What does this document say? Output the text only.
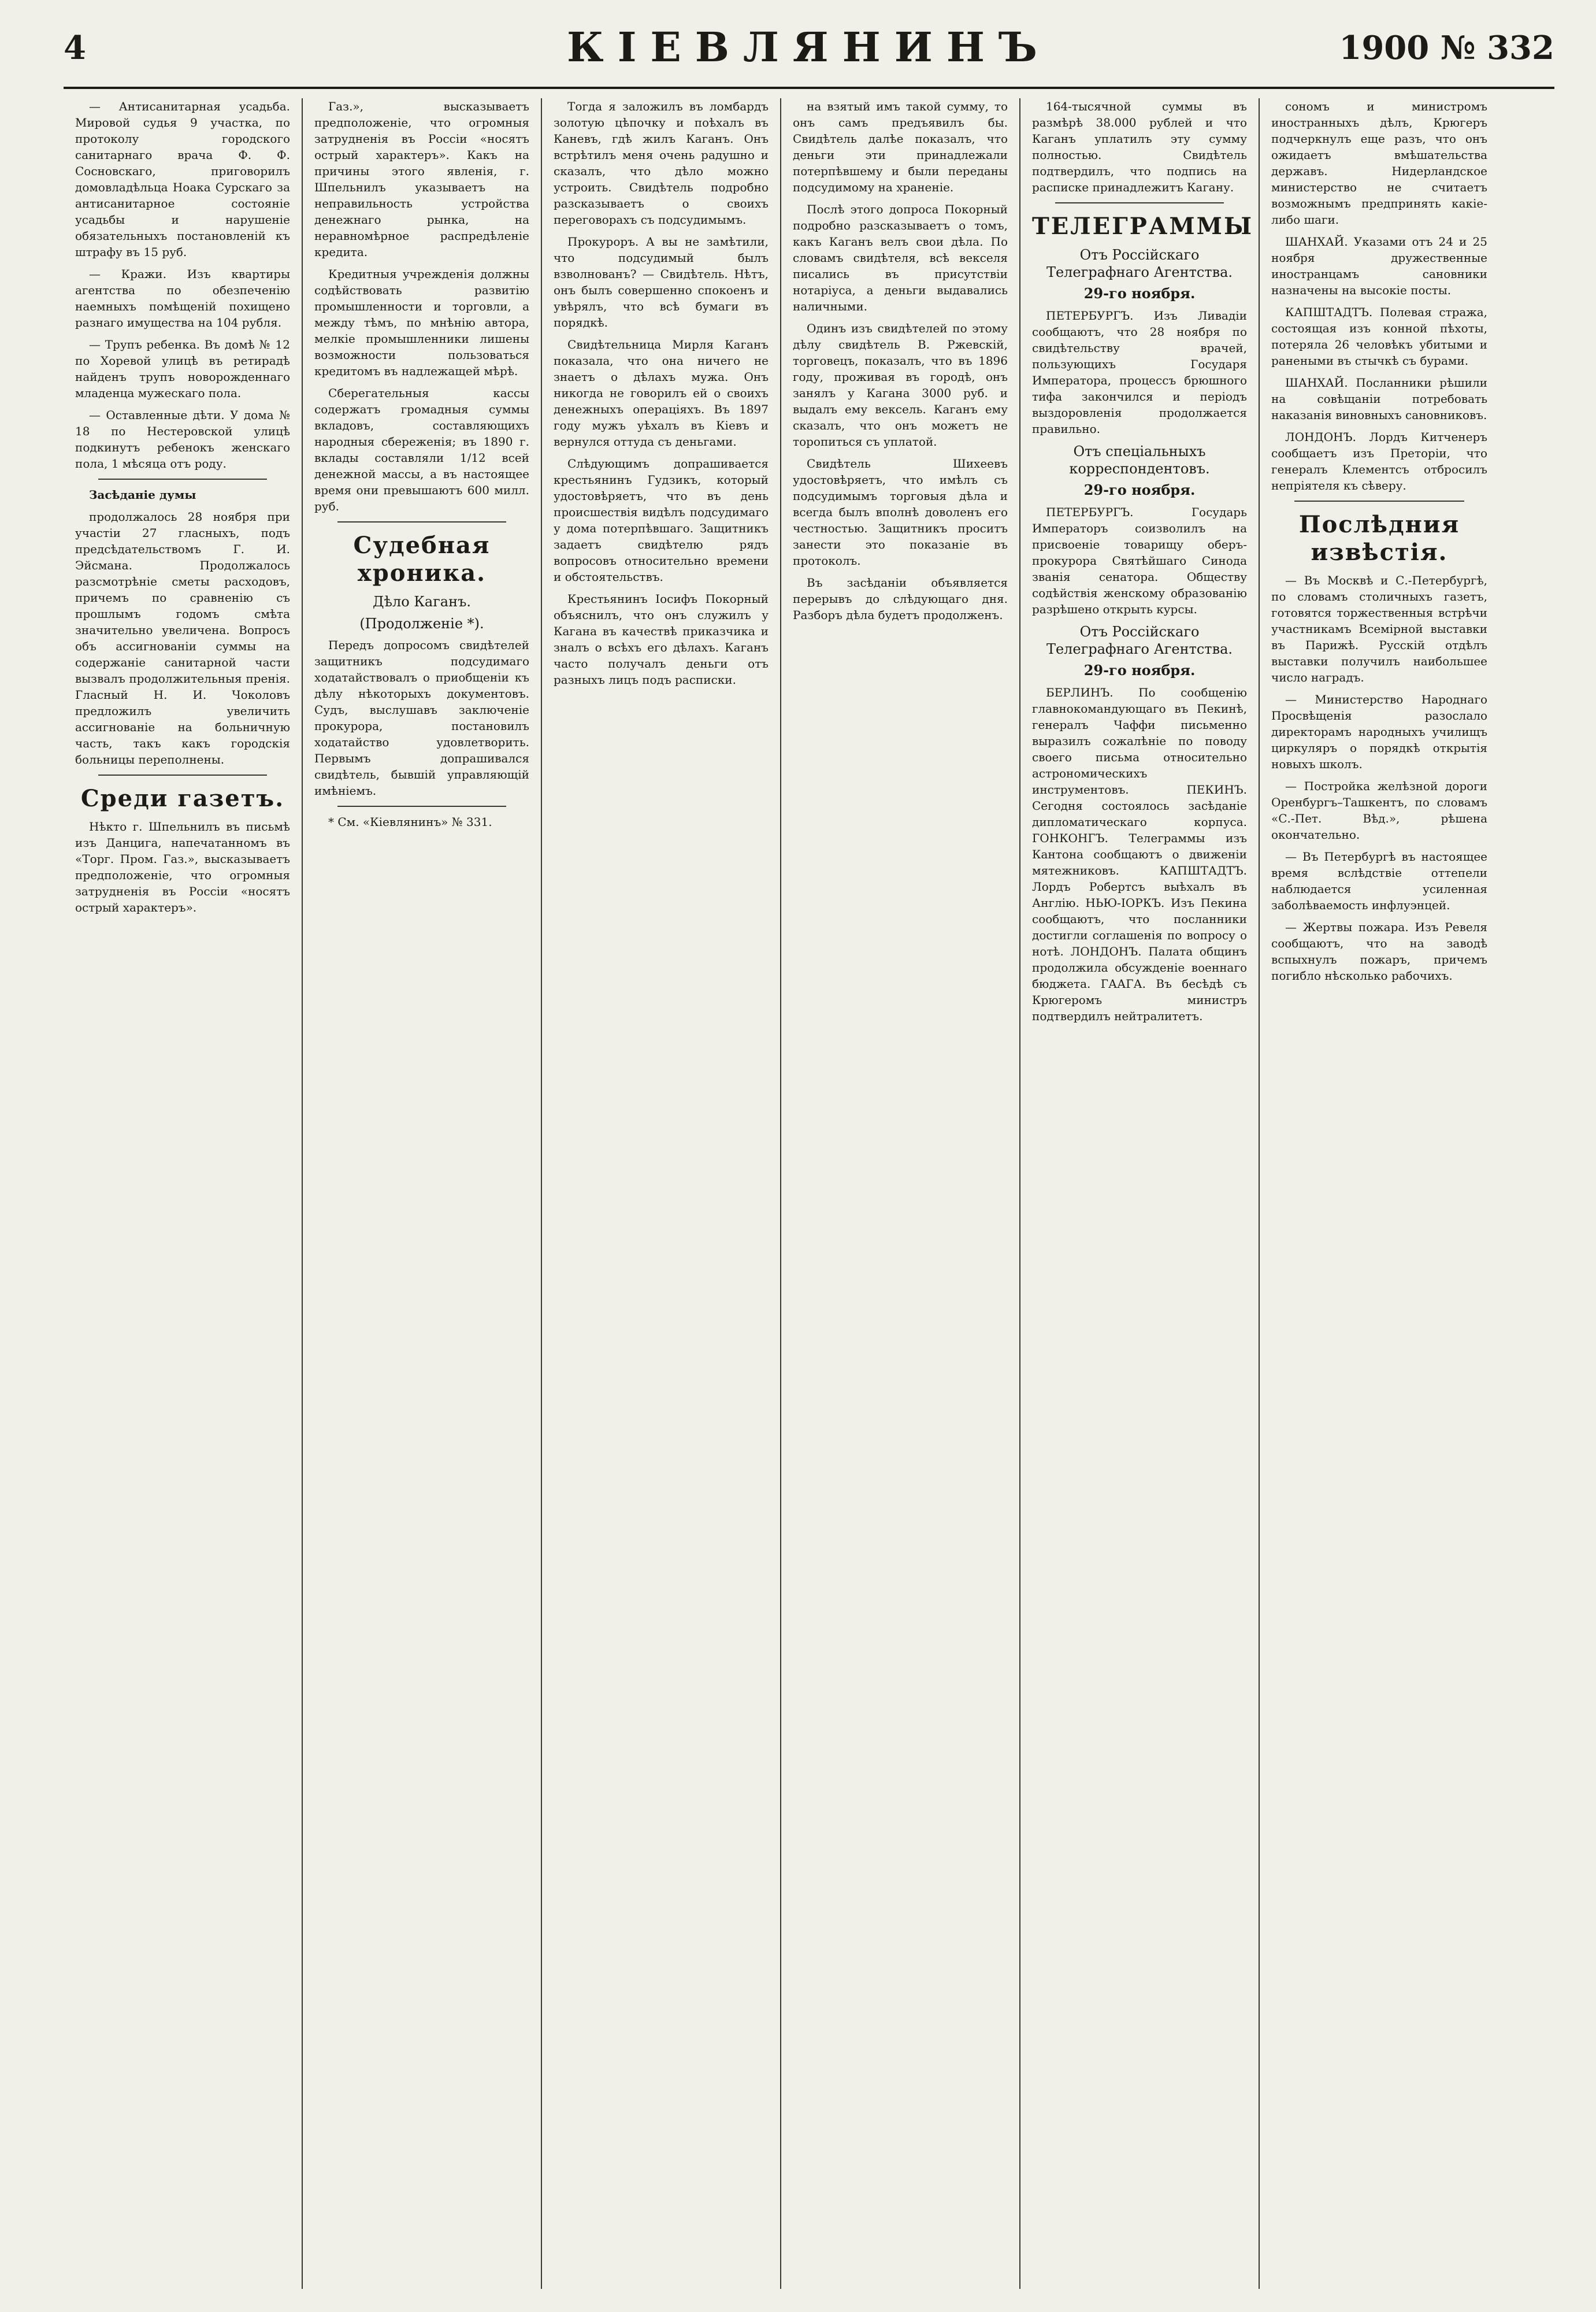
4	КІЕВЛЯНИНЪ	1900 № 332

— Антисанитарная усадьба. Мировой судья 9 участка, по протоколу городского санитарнаго врача Ф. Ф. Сосновскаго, приговорилъ домовладѣльца Ноака Сурскаго за антисанитарное состояніе усадьбы и нарушеніе обязательныхъ постановленій къ штрафу въ 15 руб.

— Кражи. Изъ квартиры агентства по обезпеченію наемныхъ помѣщеній похищено разнаго имущества на 104 рубля.

— Трупъ ребенка. Въ домѣ № 12 по Хоревой улицѣ въ ретирадѣ найденъ трупъ новорожденнаго младенца мужескаго пола.

— Оставленные дѣти. У дома № 18 по Нестеровской улицѣ подкинутъ ребенокъ женскаго пола, 1 мѣсяца отъ роду.

Засѣданіе думы

продолжалось 28 ноября при участіи 27 гласныхъ, подъ предсѣдательствомъ Г. И. Эйсмана. Продолжалось разсмотрѣніе сметы расходовъ, причемъ по сравненію съ прошлымъ годомъ смѣта значительно увеличена. Вопросъ объ ассигнованіи суммы на содержаніе санитарной части вызвалъ продолжительныя пренія. Гласный Н. И. Чоколовъ предложилъ увеличить ассигнованіе на больничную часть, такъ какъ городскія больницы переполнены.

Среди газетъ.

Нѣкто г. Шпельнилъ въ письмѣ изъ Данцига, напечатанномъ въ «Торг. Пром. Газ.», высказываетъ предположеніе, что огромныя затрудненія въ Россіи «носятъ острый характеръ».

Газ.», высказываетъ предположеніе, что огромныя затрудненія въ Россіи «носятъ острый характеръ». Какъ на причины этого явленія, г. Шпельнилъ указываетъ на неправильность устройства денежнаго рынка, на неравномѣрное распредѣленіе кредита.

Кредитныя учрежденія должны содѣйствовать развитію промышленности и торговли, а между тѣмъ, по мнѣнію автора, мелкіе промышленники лишены возможности пользоваться кредитомъ въ надлежащей мѣрѣ.

Сберегательныя кассы содержатъ громадныя суммы вкладовъ, составляющихъ народныя сбереженія; въ 1890 г. вклады составляли 1/12 всей денежной массы, а въ настоящее время они превышаютъ 600 милл. руб.

Судебная хроника.
Дѣло Каганъ.
(Продолженіе *).

Передъ допросомъ свидѣтелей защитникъ подсудимаго ходатайствовалъ о приобщеніи къ дѣлу нѣкоторыхъ документовъ. Судъ, выслушавъ заключеніе прокурора, постановилъ ходатайство удовлетворить. Первымъ допрашивался свидѣтель, бывшій управляющій имѣніемъ.

* См. «Кіевлянинъ» № 331.

Тогда я заложилъ въ ломбардъ золотую цѣпочку и поѣхалъ въ Каневъ, гдѣ жилъ Каганъ. Онъ встрѣтилъ меня очень радушно и сказалъ, что дѣло можно устроить. Свидѣтель подробно разсказываетъ о своихъ переговорахъ съ подсудимымъ.

Прокуроръ. А вы не замѣтили, что подсудимый былъ взволнованъ? — Свидѣтель. Нѣтъ, онъ былъ совершенно спокоенъ и увѣрялъ, что всѣ бумаги въ порядкѣ.

Свидѣтельница Мирля Каганъ показала, что она ничего не знаетъ о дѣлахъ мужа. Онъ никогда не говорилъ ей о своихъ денежныхъ операціяхъ. Въ 1897 году мужъ уѣхалъ въ Кіевъ и вернулся оттуда съ деньгами.

Слѣдующимъ допрашивается крестьянинъ Гудзикъ, который удостовѣряетъ, что въ день происшествія видѣлъ подсудимаго у дома потерпѣвшаго. Защитникъ задаетъ свидѣтелю рядъ вопросовъ относительно времени и обстоятельствъ.

Крестьянинъ Іосифъ Покорный объяснилъ, что онъ служилъ у Кагана въ качествѣ приказчика и зналъ о всѣхъ его дѣлахъ. Каганъ часто получалъ деньги отъ разныхъ лицъ подъ расписки.

на взятый имъ такой сумму, то онъ самъ предъявилъ бы. Свидѣтель далѣе показалъ, что деньги эти принадлежали потерпѣвшему и были переданы подсудимому на храненіе.

Послѣ этого допроса Покорный подробно разсказываетъ о томъ, какъ Каганъ велъ свои дѣла. По словамъ свидѣтеля, всѣ векселя писались въ присутствіи нотаріуса, а деньги выдавались наличными.

Одинъ изъ свидѣтелей по этому дѣлу свидѣтель В. Ржевскій, торговецъ, показалъ, что въ 1896 году, проживая въ городѣ, онъ занялъ у Кагана 3000 руб. и выдалъ ему вексель. Каганъ ему сказалъ, что онъ можетъ не торопиться съ уплатой.

Свидѣтель Шихеевъ удостовѣряетъ, что имѣлъ съ подсудимымъ торговыя дѣла и всегда былъ вполнѣ доволенъ его честностью. Защитникъ проситъ занести это показаніе въ протоколъ.

Въ засѣданіи объявляется перерывъ до слѣдующаго дня. Разборъ дѣла будетъ продолженъ.

164-тысячной суммы въ размѣрѣ 38.000 рублей и что Каганъ уплатилъ эту сумму полностью. Свидѣтель подтвердилъ, что подпись на расписке принадлежитъ Кагану.

ТЕЛЕГРАММЫ
Отъ Россійскаго Телеграфнаго Агентства.

29-го ноября.

ПЕТЕРБУРГЪ. Изъ Ливадіи сообщаютъ, что 28 ноября по свидѣтельству врачей, пользующихъ Государя Императора, процессъ брюшного тифа закончился и періодъ выздоровленія продолжается правильно.

Отъ спеціальныхъ корреспондентовъ.

29-го ноября.

ПЕТЕРБУРГЪ. Государь Императоръ соизволилъ на присвоеніе товарищу оберъ-прокурора Святѣйшаго Синода званія сенатора. Обществу содѣйствія женскому образованію разрѣшено открыть курсы.

Отъ Россійскаго Телеграфнаго Агентства.

29-го ноября.

БЕРЛИНЪ. По сообщенію главнокомандующаго въ Пекинѣ, генералъ Чаффи письменно выразилъ сожалѣніе по поводу своего письма относительно астрономическихъ инструментовъ. ПЕКИНЪ. Сегодня состоялось засѣданіе дипломатическаго корпуса. ГОНКОНГЪ. Телеграммы изъ Кантона сообщаютъ о движеніи мятежниковъ. КАПШТАДТЪ. Лордъ Робертсъ выѣхалъ въ Англію. НЬЮ-ІОРКЪ. Изъ Пекина сообщаютъ, что посланники достигли соглашенія по вопросу о нотѣ. ЛОНДОНЪ. Палата общинъ продолжила обсужденіе военнаго бюджета. ГААГА. Въ бесѣдѣ съ Крюгеромъ министръ подтвердилъ нейтралитетъ.

сономъ и министромъ иностранныхъ дѣлъ, Крюгеръ подчеркнулъ еще разъ, что онъ ожидаетъ вмѣшательства державъ. Нидерландское министерство не считаетъ возможнымъ предпринять какіе-либо шаги.

ШАНХАЙ. Указами отъ 24 и 25 ноября дружественные иностранцамъ сановники назначены на высокіе посты.

КАПШТАДТЪ. Полевая стража, состоящая изъ конной пѣхоты, потеряла 26 человѣкъ убитыми и ранеными въ стычкѣ съ бурами.

ШАНХАЙ. Посланники рѣшили на совѣщаніи потребовать наказанія виновныхъ сановниковъ.

ЛОНДОНЪ. Лордъ Китченеръ сообщаетъ изъ Преторіи, что генералъ Клементсъ отбросилъ непріятеля къ сѣверу.

Послѣдния извѣстія.

— Въ Москвѣ и С.-Петербургѣ, по словамъ столичныхъ газетъ, готовятся торжественныя встрѣчи участникамъ Всемірной выставки въ Парижѣ. Русскій отдѣлъ выставки получилъ наибольшее число наградъ.

— Министерство Народнаго Просвѣщенія разослало директорамъ народныхъ училищъ циркуляръ о порядкѣ открытія новыхъ школъ.

— Постройка желѣзной дороги Оренбургъ–Ташкентъ, по словамъ «С.-Пет. Вѣд.», рѣшена окончательно.

— Въ Петербургѣ въ настоящее время вслѣдствіе оттепели наблюдается усиленная заболѣваемость инфлуэнцей.

— Жертвы пожара. Изъ Ревеля сообщаютъ, что на заводѣ вспыхнулъ пожаръ, причемъ погибло нѣсколько рабочихъ.
